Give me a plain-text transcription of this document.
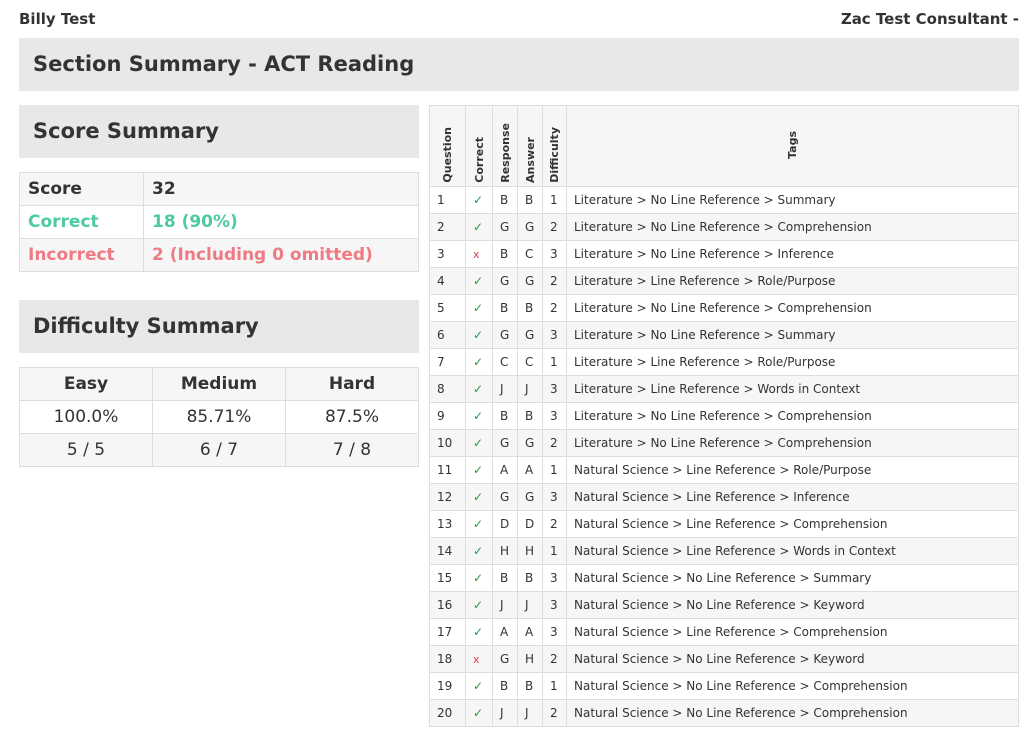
Billy Test	Zac Test Consultant -
Section Summary - ACT Reading
Score Summary
Score	32
Correct	18 (90%)
Incorrect	2 (Including 0 omitted)
Difficulty Summary
Easy	Medium	Hard
100.0%	85.71%	87.5%
5 / 5	6 / 7	7 / 8
Question	Correct	Response	Answer	Difficulty	Tags
1	✓	B	B	1	Literature > No Line Reference > Summary
2	✓	G	G	2	Literature > No Line Reference > Comprehension
3	x	B	C	3	Literature > No Line Reference > Inference
4	✓	G	G	2	Literature > Line Reference > Role/Purpose
5	✓	B	B	2	Literature > No Line Reference > Comprehension
6	✓	G	G	3	Literature > No Line Reference > Summary
7	✓	C	C	1	Literature > Line Reference > Role/Purpose
8	✓	J	J	3	Literature > Line Reference > Words in Context
9	✓	B	B	3	Literature > No Line Reference > Comprehension
10	✓	G	G	2	Literature > No Line Reference > Comprehension
11	✓	A	A	1	Natural Science > Line Reference > Role/Purpose
12	✓	G	G	3	Natural Science > Line Reference > Inference
13	✓	D	D	2	Natural Science > Line Reference > Comprehension
14	✓	H	H	1	Natural Science > Line Reference > Words in Context
15	✓	B	B	3	Natural Science > No Line Reference > Summary
16	✓	J	J	3	Natural Science > No Line Reference > Keyword
17	✓	A	A	3	Natural Science > Line Reference > Comprehension
18	x	G	H	2	Natural Science > No Line Reference > Keyword
19	✓	B	B	1	Natural Science > No Line Reference > Comprehension
20	✓	J	J	2	Natural Science > No Line Reference > Comprehension
